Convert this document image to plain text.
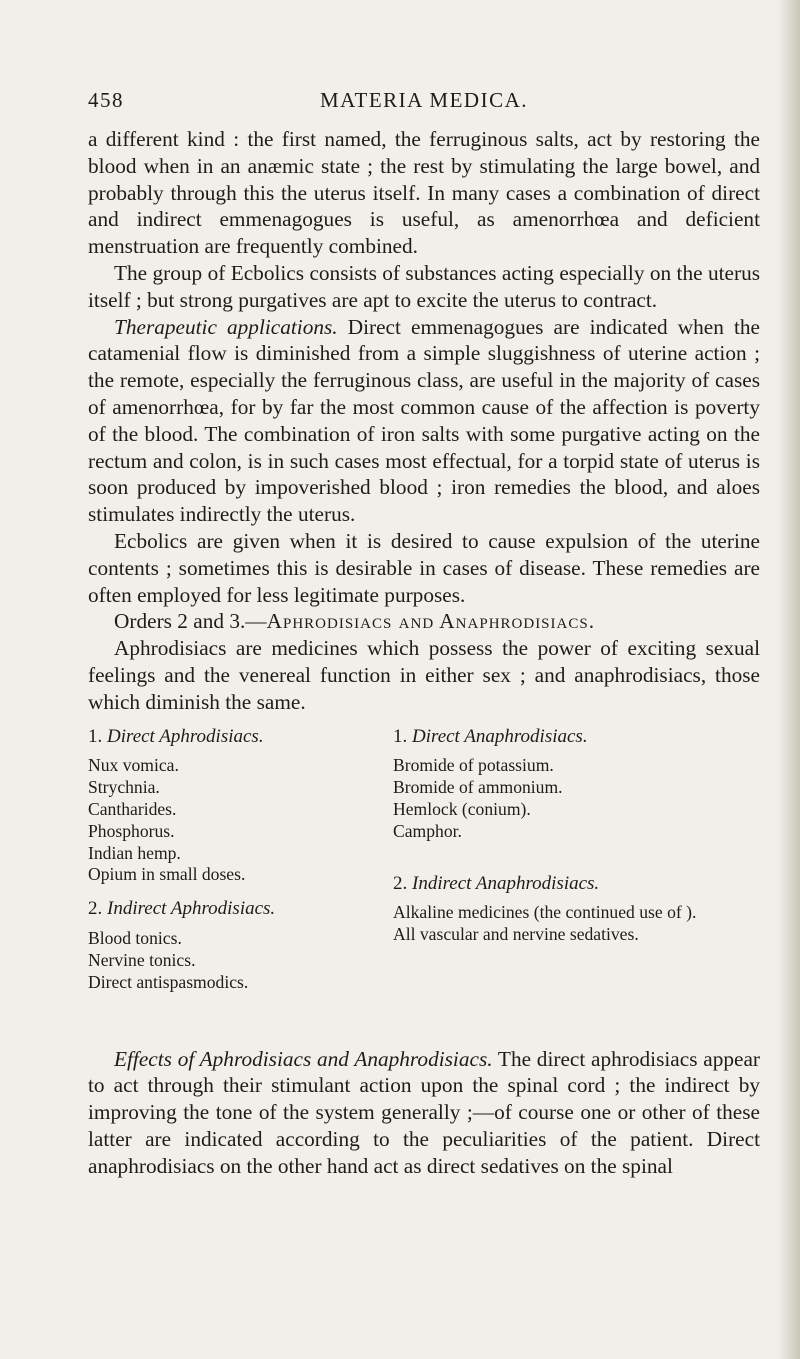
458	MATERIA MEDICA.

a different kind : the first named, the ferruginous salts, act by restoring the blood when in an anæmic state ; the rest by stimulating the large bowel, and probably through this the uterus itself. In many cases a combination of direct and indirect emmenagogues is useful, as amenorrhœa and deficient menstruation are frequently combined.

The group of Ecbolics consists of substances acting especially on the uterus itself ; but strong purgatives are apt to excite the uterus to contract.

Therapeutic applications. Direct emmenagogues are indicated when the catamenial flow is diminished from a simple sluggishness of uterine action ; the remote, especially the ferruginous class, are useful in the majority of cases of amenorrhœa, for by far the most common cause of the affection is poverty of the blood. The combination of iron salts with some purgative acting on the rectum and colon, is in such cases most effectual, for a torpid state of uterus is soon produced by impoverished blood ; iron remedies the blood, and aloes stimulates indirectly the uterus.

Ecbolics are given when it is desired to cause expulsion of the uterine contents ; sometimes this is desirable in cases of disease. These remedies are often employed for less legitimate purposes.

Orders 2 and 3.—Aphrodisiacs and Anaphrodisiacs.

Aphrodisiacs are medicines which possess the power of exciting sexual feelings and the venereal function in either sex ; and anaphrodisiacs, those which diminish the same.

1. Direct Aphrodisiacs.
Nux vomica.
Strychnia.
Cantharides.
Phosphorus.
Indian hemp.
Opium in small doses.
2. Indirect Aphrodisiacs.
Blood tonics.
Nervine tonics.
Direct antispasmodics.
1. Direct Anaphrodisiacs.
Bromide of potassium.
Bromide of ammonium.
Hemlock (conium).
Camphor.
2. Indirect Anaphrodisiacs.
Alkaline medicines (the continued use of ).
All vascular and nervine sedatives.

Effects of Aphrodisiacs and Anaphrodisiacs. The direct aphrodisiacs appear to act through their stimulant action upon the spinal cord ; the indirect by improving the tone of the system generally ;—of course one or other of these latter are indicated according to the peculiarities of the patient. Direct anaphrodisiacs on the other hand act as direct sedatives on the spinal
